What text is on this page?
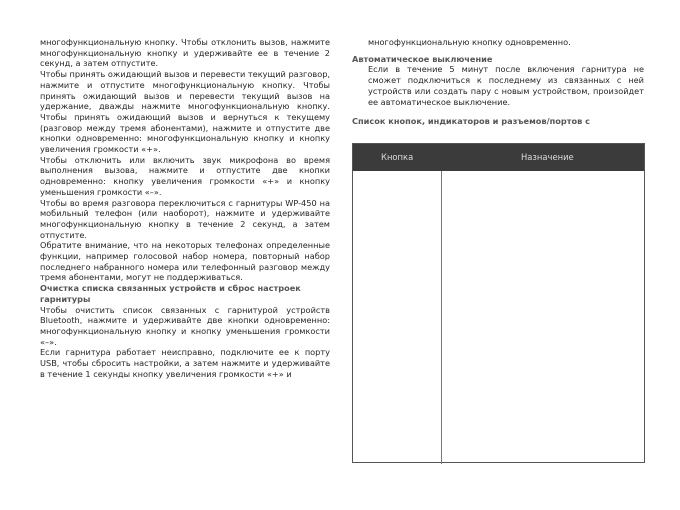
многофункциональную кнопку. Чтобы отклонить вызов, нажмите многофункциональную кнопку и удерживайте ее в течение 2 секунд, а затем отпустите.

Чтобы принять ожидающий вызов и перевести текущий разговор, нажмите и отпустите многофункциональную кнопку. Чтобы принять ожидающий вызов и перевести текущий вызов на удержание, дважды нажмите многофункциональную кнопку. Чтобы принять ожидающий вызов и вернуться к текущему (разговор между тремя абонентами), нажмите и отпустите две кнопки одновременно: многофункциональную кнопку и кнопку увеличения громкости «+».

Чтобы отключить или включить звук микрофона во время выполнения вызова, нажмите и отпустите две кнопки одновременно: кнопку увеличения громкости «+» и кнопку уменьшения громкости «–».

Чтобы во время разговора переключиться с гарнитуры WP-450 на мобильный телефон (или наоборот), нажмите и удерживайте многофункциональную кнопку в течение 2 секунд, а затем отпустите.

Обратите внимание, что на некоторых телефонах определенные функции, например голосовой набор номера, повторный набор последнего набранного номера или телефонный разговор между тремя абонентами, могут не поддерживаться.

Очистка списка связанных устройств и сброс настроек гарнитуры

Чтобы очистить список связанных с гарнитурой устройств Bluetooth, нажмите и удерживайте две кнопки одновременно: многофункциональную кнопку и кнопку уменьшения громкости «–».

Если гарнитура работает неисправно, подключите ее к порту USB, чтобы сбросить настройки, а затем нажмите и удерживайте в течение 1 секунды кнопку увеличения громкости «+» и

многофункциональную кнопку одновременно.

Автоматическое выключение

Если в течение 5 минут после включения гарнитура не сможет подключиться к последнему из связанных с ней устройств или создать пару с новым устройством, произойдет ее автоматическое выключение.

Список кнопок, индикаторов и разъемов/портов с

Кнопка	Назначение
